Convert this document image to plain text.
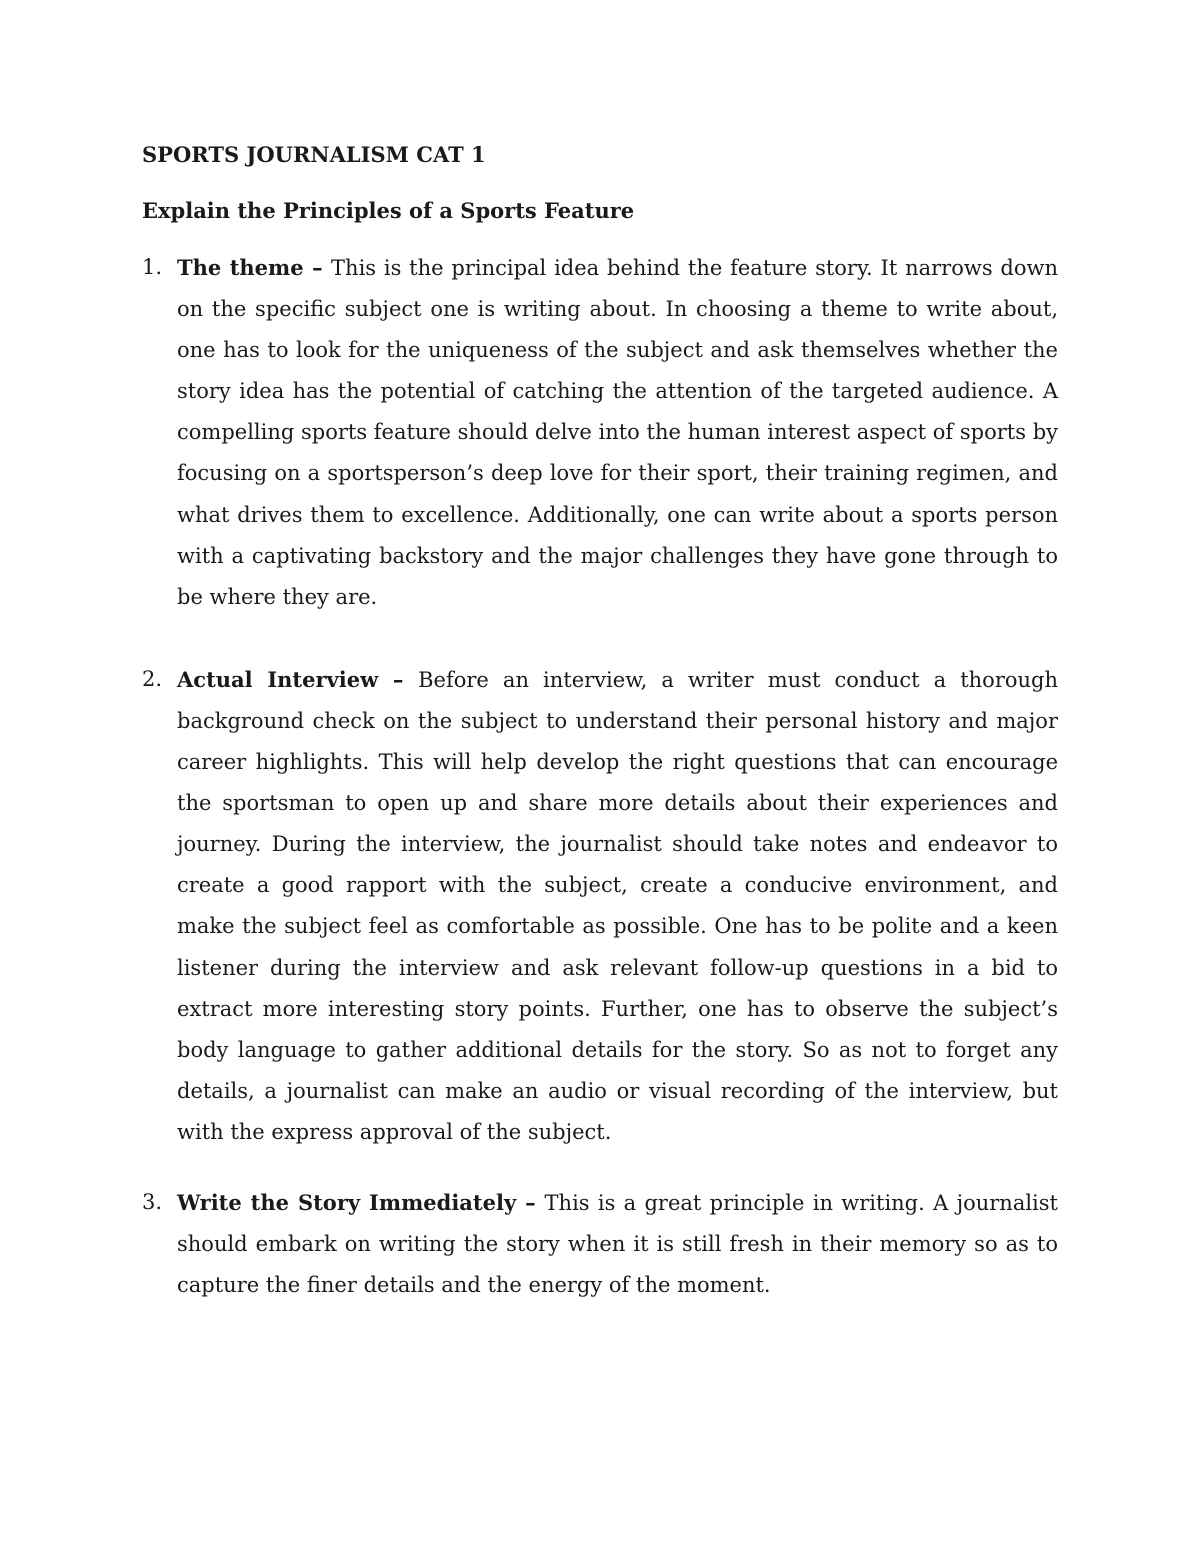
SPORTS JOURNALISM CAT 1
Explain the Principles of a Sports Feature
1. The theme – This is the principal idea behind the feature story. It narrows down on the specific subject one is writing about. In choosing a theme to write about, one has to look for the uniqueness of the subject and ask themselves whether the story idea has the potential of catching the attention of the targeted audience. A compelling sports feature should delve into the human interest aspect of sports by focusing on a sportsperson’s deep love for their sport, their training regimen, and what drives them to excellence. Additionally, one can write about a sports person with a captivating backstory and the major challenges they have gone through to be where they are.
2. Actual Interview – Before an interview, a writer must conduct a thorough background check on the subject to understand their personal history and major career highlights. This will help develop the right questions that can encourage the sportsman to open up and share more details about their experiences and journey. During the interview, the journalist should take notes and endeavor to create a good rapport with the subject, create a conducive environment, and make the subject feel as comfortable as possible. One has to be polite and a keen listener during the interview and ask relevant follow-up questions in a bid to extract more interesting story points. Further, one has to observe the subject’s body language to gather additional details for the story. So as not to forget any details, a journalist can make an audio or visual recording of the interview, but with the express approval of the subject.
3. Write the Story Immediately – This is a great principle in writing. A journalist should embark on writing the story when it is still fresh in their memory so as to capture the finer details and the energy of the moment.
